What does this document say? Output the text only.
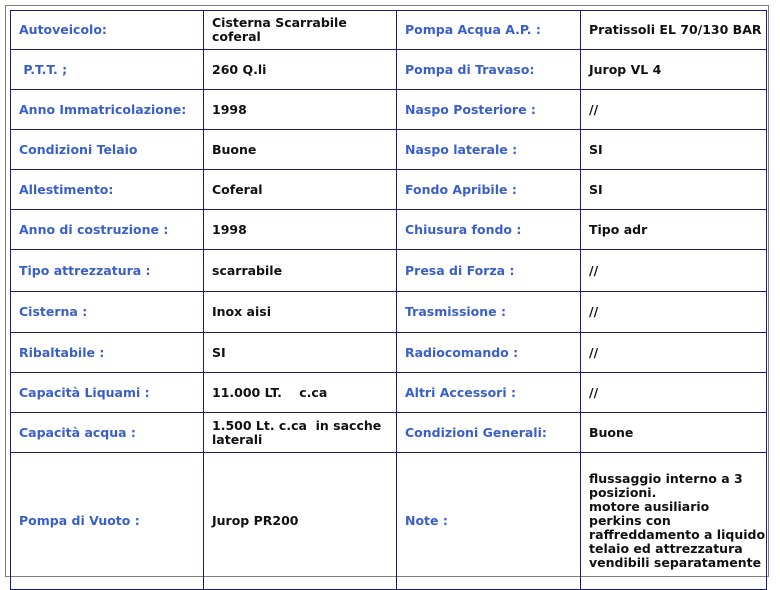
Autoveicolo:	Cisterna Scarrabile coferal	Pompa Acqua A.P. :	Pratissoli EL 70/130 BAR
P.T.T. ;	260 Q.li	Pompa di Travaso:	Jurop VL 4
Anno Immatricolazione:	1998	Naspo Posteriore :	//
Condizioni Telaio	Buone	Naspo laterale :	SI
Allestimento:	Coferal	Fondo Apribile :	SI
Anno di costruzione :	1998	Chiusura fondo :	Tipo adr
Tipo attrezzatura :	scarrabile	Presa di Forza :	//
Cisterna :	Inox aisi	Trasmissione :	//
Ribaltabile :	SI	Radiocomando :	//
Capacità Liquami :	11.000 LT.    c.ca	Altri Accessori :	//
Capacità acqua :	1.500 Lt. c.ca  in sacche laterali	Condizioni Generali:	Buone
Pompa di Vuoto :	Jurop PR200	Note :	flussaggio interno a 3 posizioni.
motore ausiliario perkins con raffreddamento a liquido
telaio ed attrezzatura vendibili separatamente
